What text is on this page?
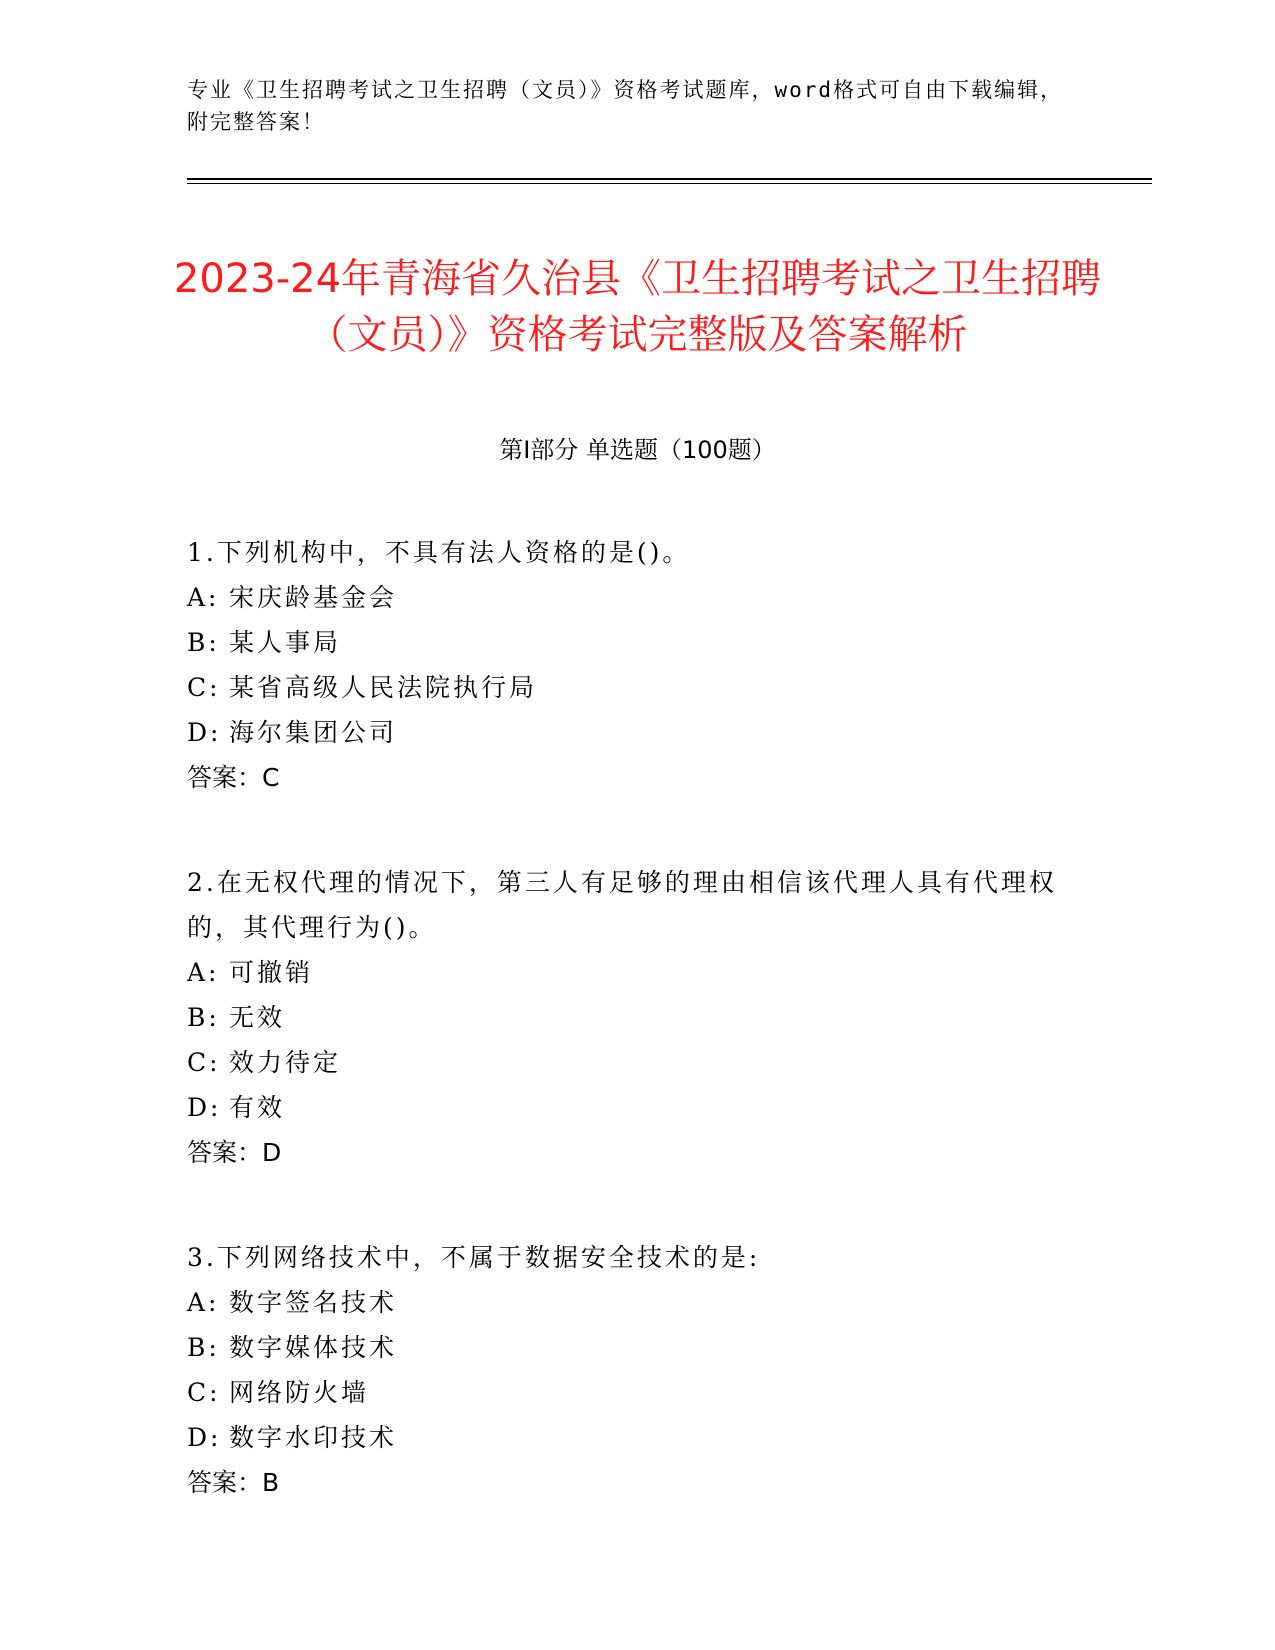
专业《卫生招聘考试之卫生招聘（文员）》资格考试题库，word格式可自由下载编辑，附完整答案！
2023-24年青海省久治县《卫生招聘考试之卫生招聘（文员）》资格考试完整版及答案解析
第I部分 单选题（100题）

1.下列机构中，不具有法人资格的是()。

A: 宋庆龄基金会
B: 某人事局
C: 某省高级人民法院执行局
D: 海尔集团公司

答案：C

2.在无权代理的情况下，第三人有足够的理由相信该代理人具有代理权的，其代理行为()。

A: 可撤销
B: 无效
C: 效力待定
D: 有效

答案：D

3.下列网络技术中，不属于数据安全技术的是:

A: 数字签名技术
B: 数字媒体技术
C: 网络防火墙
D: 数字水印技术

答案：B
